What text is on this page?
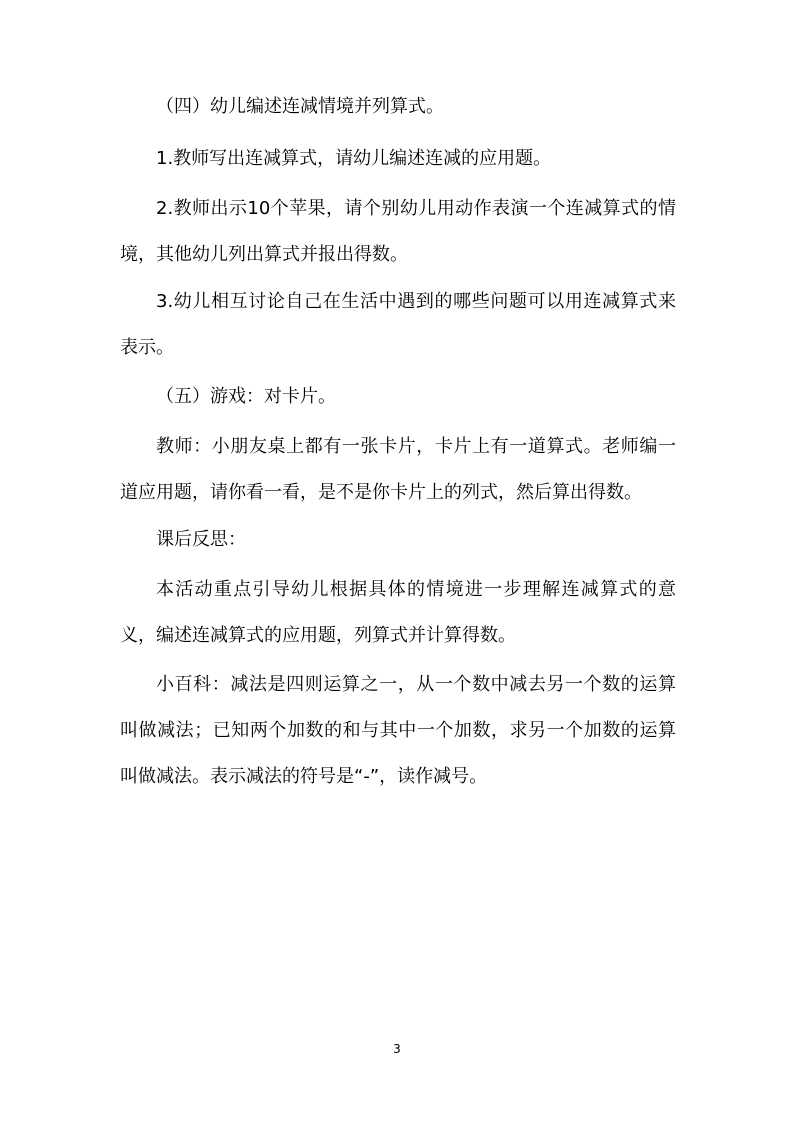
（四）幼儿编述连减情境并列算式。

1.教师写出连减算式，请幼儿编述连减的应用题。

2.教师出示10个苹果，请个别幼儿用动作表演一个连减算式的情境，其他幼儿列出算式并报出得数。

3.幼儿相互讨论自己在生活中遇到的哪些问题可以用连减算式来表示。

（五）游戏：对卡片。

教师：小朋友桌上都有一张卡片，卡片上有一道算式。老师编一道应用题，请你看一看，是不是你卡片上的列式，然后算出得数。

课后反思：

本活动重点引导幼儿根据具体的情境进一步理解连减算式的意义，编述连减算式的应用题，列算式并计算得数。

小百科：减法是四则运算之一，从一个数中减去另一个数的运算叫做减法；已知两个加数的和与其中一个加数，求另一个加数的运算叫做减法。表示减法的符号是“-”，读作减号。

3
